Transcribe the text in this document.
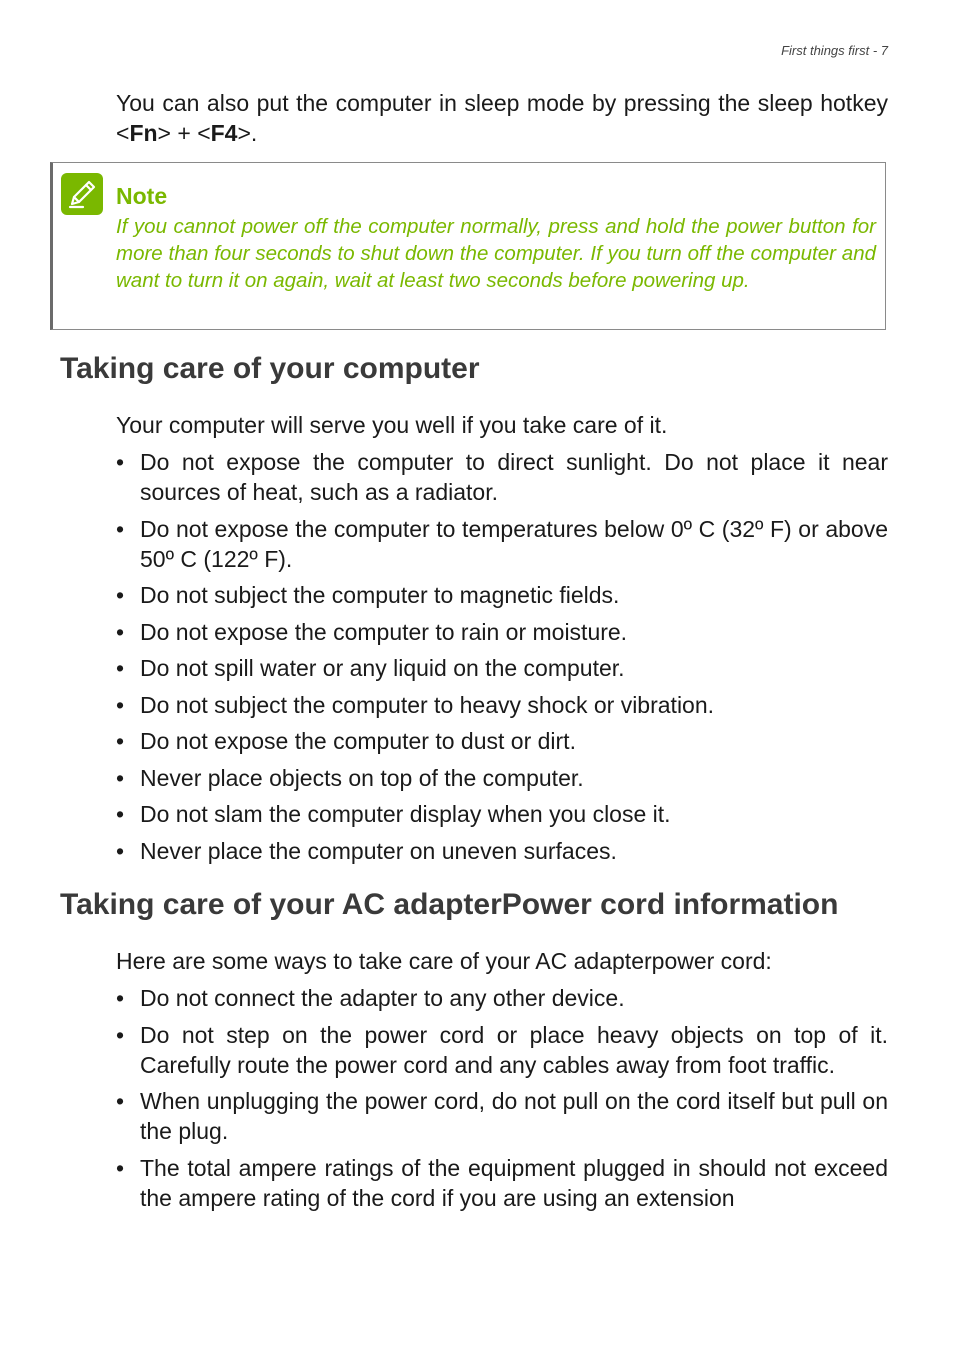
First things first - 7

You can also put the computer in sleep mode by pressing the sleep hotkey <Fn> + <F4>.

Note

If you cannot power off the computer normally, press and hold the power button for more than four seconds to shut down the computer. If you turn off the computer and want to turn it on again, wait at least two seconds before powering up.

Taking care of your computer

Your computer will serve you well if you take care of it.

• Do not expose the computer to direct sunlight. Do not place it near sources of heat, such as a radiator.
• Do not expose the computer to temperatures below 0º C (32º F) or above 50º C (122º F).
• Do not subject the computer to magnetic fields.
• Do not expose the computer to rain or moisture.
• Do not spill water or any liquid on the computer.
• Do not subject the computer to heavy shock or vibration.
• Do not expose the computer to dust or dirt.
• Never place objects on top of the computer.
• Do not slam the computer display when you close it.
• Never place the computer on uneven surfaces.
Taking care of your AC adapterPower cord information

Here are some ways to take care of your AC adapterpower cord:

• Do not connect the adapter to any other device.
• Do not step on the power cord or place heavy objects on top of it. Carefully route the power cord and any cables away from foot traffic.
• When unplugging the power cord, do not pull on the cord itself but pull on the plug.
• The total ampere ratings of the equipment plugged in should not exceed the ampere rating of the cord if you are using an extension
